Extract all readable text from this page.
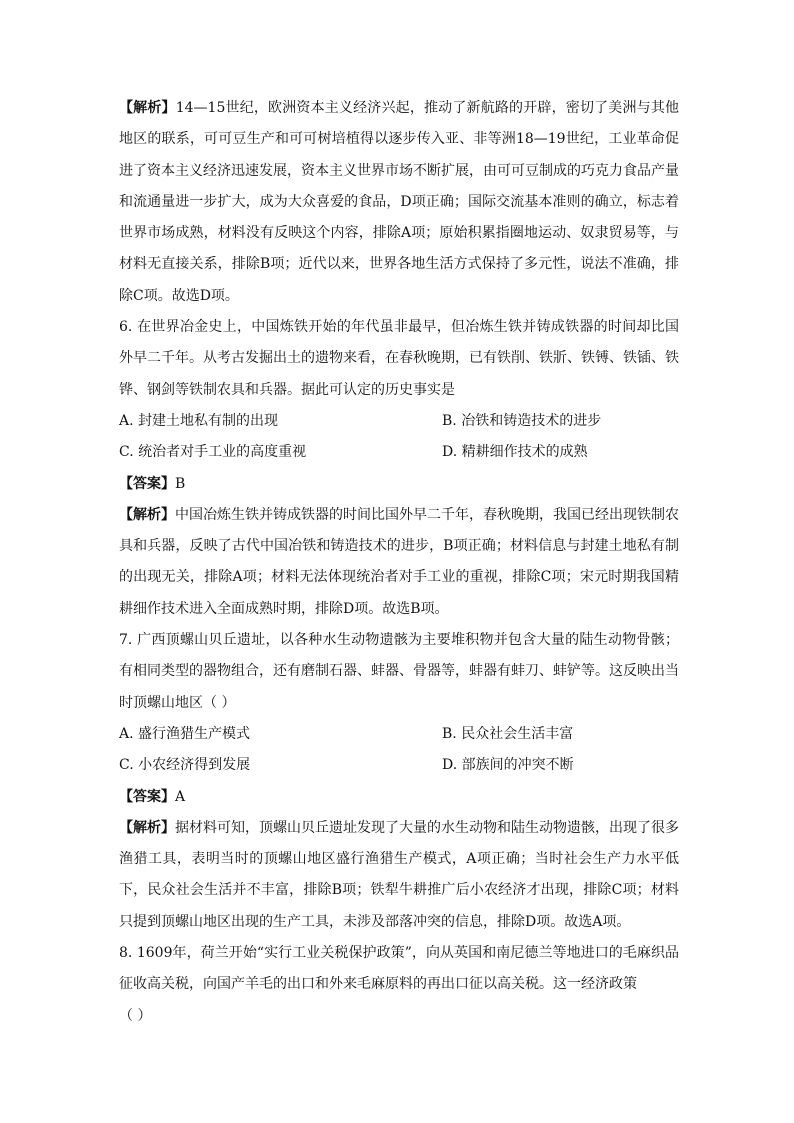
【解析】14—15世纪，欧洲资本主义经济兴起，推动了新航路的开辟，密切了美洲与其他地区的联系，可可豆生产和可可树培植得以逐步传入亚、非等洲18—19世纪，工业革命促进了资本主义经济迅速发展，资本主义世界市场不断扩展，由可可豆制成的巧克力食品产量和流通量进一步扩大，成为大众喜爱的食品，D项正确；国际交流基本准则的确立，标志着世界市场成熟，材料没有反映这个内容，排除A项；原始积累指圈地运动、奴隶贸易等，与材料无直接关系，排除B项；近代以来，世界各地生活方式保持了多元性，说法不准确，排除C项。故选D项。

6. 在世界冶金史上，中国炼铁开始的年代虽非最早，但冶炼生铁并铸成铁器的时间却比国外早二千年。从考古发掘出土的遗物来看，在春秋晚期，已有铁削、铁斨、铁镈、铁锸、铁铧、钢剑等铁制农具和兵器。据此可认定的历史事实是

A. 封建土地私有制的出现	B. 冶铁和铸造技术的进步
C. 统治者对手工业的高度重视	D. 精耕细作技术的成熟

【答案】B

【解析】中国冶炼生铁并铸成铁器的时间比国外早二千年，春秋晚期，我国已经出现铁制农具和兵器，反映了古代中国冶铁和铸造技术的进步，B项正确；材料信息与封建土地私有制的出现无关，排除A项；材料无法体现统治者对手工业的重视，排除C项；宋元时期我国精耕细作技术进入全面成熟时期，排除D项。故选B项。

7. 广西顶螺山贝丘遗址，以各种水生动物遗骸为主要堆积物并包含大量的陆生动物骨骸；有相同类型的器物组合，还有磨制石器、蚌器、骨器等，蚌器有蚌刀、蚌铲等。这反映出当时顶螺山地区（ ）

A. 盛行渔猎生产模式	B. 民众社会生活丰富
C. 小农经济得到发展	D. 部族间的冲突不断

【答案】A

【解析】据材料可知，顶螺山贝丘遗址发现了大量的水生动物和陆生动物遗骸，出现了很多渔猎工具，表明当时的顶螺山地区盛行渔猎生产模式，A项正确；当时社会生产力水平低下，民众社会生活并不丰富，排除B项；铁犁牛耕推广后小农经济才出现，排除C项；材料只提到顶螺山地区出现的生产工具，未涉及部落冲突的信息，排除D项。故选A项。

8. 1609年，荷兰开始“实行工业关税保护政策”，向从英国和南尼德兰等地进口的毛麻织品征收高关税，向国产羊毛的出口和外来毛麻原料的再出口征以高关税。这一经济政策

（ ）
